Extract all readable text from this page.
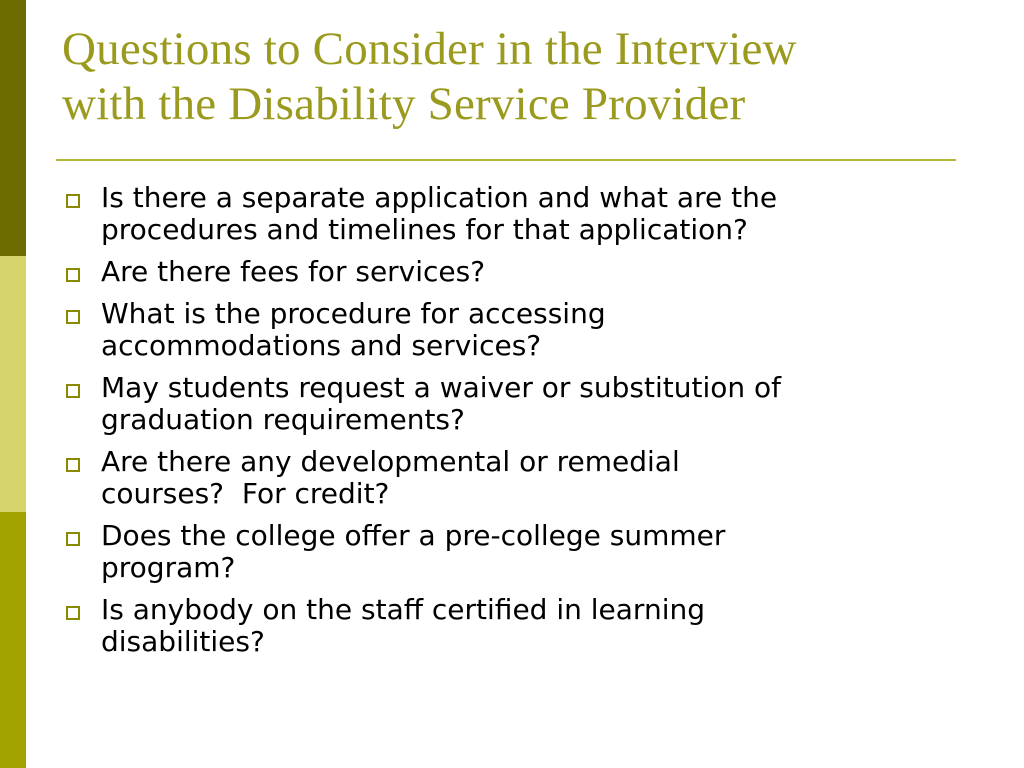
Questions to Consider in the Interview
with the Disability Service Provider
Is there a separate application and what are the
procedures and timelines for that application?
Are there fees for services?
What is the procedure for accessing
accommodations and services?
May students request a waiver or substitution of
graduation requirements?
Are there any developmental or remedial
courses?  For credit?
Does the college offer a pre-college summer
program?
Is anybody on the staff certified in learning
disabilities?
